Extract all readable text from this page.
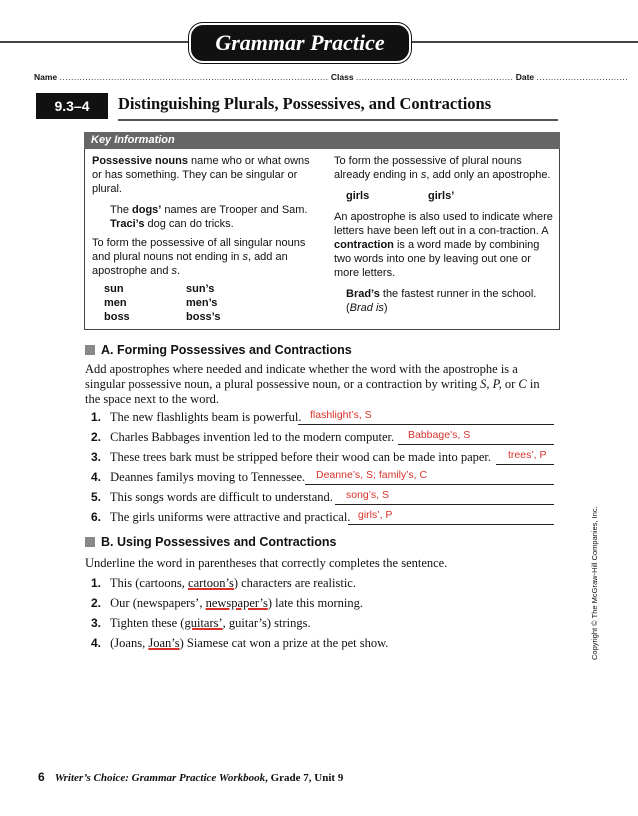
Grammar Practice
Name .............................................................................................. Class ....................................................... Date ................................
9.3–4	Distinguishing Plurals, Possessives, and Contractions
Key Information

Possessive nouns name who or what owns or has something. They can be singular or plural.

The dogs’ names are Trooper and Sam.

Traci’s dog can do tricks.

To form the possessive of all singular nouns and plural nouns not ending in s, add an apostrophe and s.

sun	sun’s
men	men’s
boss	boss’s

To form the possessive of plural nouns already ending in s, add only an apostrophe.

girls	girls’

An apostrophe is also used to indicate where letters have been left out in a con-traction. A contraction is a word made by combining two words into one by leaving out one or more letters.

Brad’s the fastest runner in the school.
(Brad is)

A. Forming Possessives and Contractions
Add apostrophes where needed and indicate whether the word with the apostrophe is a singular possessive noun, a plural possessive noun, or a contraction by writing S, P, or C in the space next to the word.
1. The new flashlights beam is powerful. flashlight’s, S
2. Charles Babbages invention led to the modern computer. Babbage’s, S
3. These trees bark must be stripped before their wood can be made into paper. trees’, P
4. Deannes familys moving to Tennessee. Deanne’s, S; family’s, C
5. This songs words are difficult to understand. song’s, S
6. The girls uniforms were attractive and practical. girls’, P
B. Using Possessives and Contractions
Underline the word in parentheses that correctly completes the sentence.
1. This (cartoons, cartoon’s) characters are realistic.
2. Our (newspapers’, newspaper’s) late this morning.
3. Tighten these (guitars’, guitar’s) strings.
4. (Joans, Joan’s) Siamese cat won a prize at the pet show.	Copyright © The McGraw-Hill Companies, Inc.
6 Writer’s Choice: Grammar Practice Workbook, Grade 7, Unit 9
